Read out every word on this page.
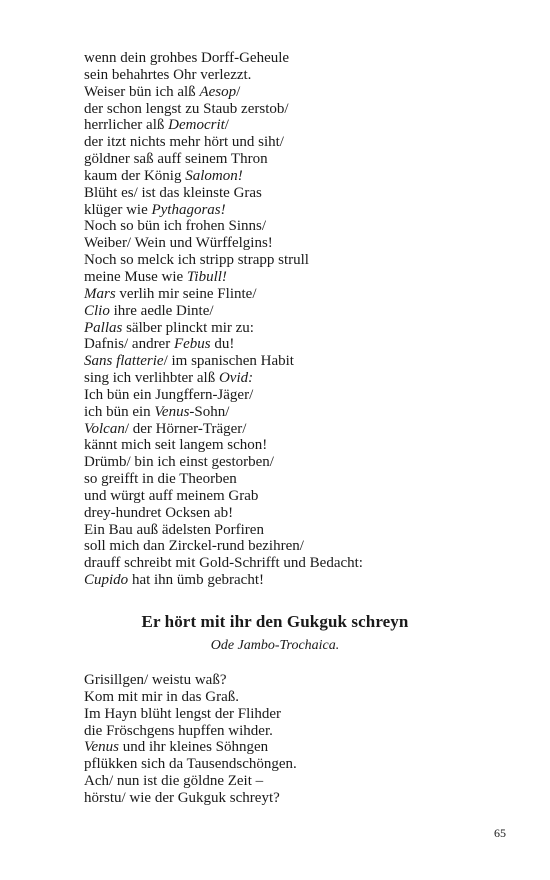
wenn dein grohbes Dorff-Geheule
sein behahrtes Ohr verlezzt.
Weiser bün ich alß Aesop/
der schon lengst zu Staub zerstob/
herrlicher alß Democrit/
der itzt nichts mehr hört und siht/
göldner saß auff seinem Thron
kaum der König Salomon!
Blüht es/ ist das kleinste Gras
klüger wie Pythagoras!
Noch so bün ich frohen Sinns/
Weiber/ Wein und Würffelgins!
Noch so melck ich stripp strapp strull
meine Muse wie Tibull!
Mars verlih mir seine Flinte/
Clio ihre aedle Dinte/
Pallas sälber plinckt mir zu:
Dafnis/ andrer Febus du!
Sans flatterie/ im spanischen Habit
sing ich verlihbter alß Ovid:
Ich bün ein Jungffern-Jäger/
ich bün ein Venus-Sohn/
Volcan/ der Hörner-Träger/
kännt mich seit langem schon!
Drümb/ bin ich einst gestorben/
so greifft in die Theorben
und würgt auff meinem Grab
drey-hundret Ocksen ab!
Ein Bau auß ädelsten Porfiren
soll mich dan Zirckel-rund bezihren/
drauff schreibt mit Gold-Schrifft und Bedacht:
Cupido hat ihn ümb gebracht!
Er hört mit ihr den Gukguk schreyn
Ode Jambo-Trochaica.
Grisillgen/ weistu waß?
Kom mit mir in das Graß.
Im Hayn blüht lengst der Flihder
die Fröschgens hupffen wihder.
Venus und ihr kleines Söhngen
pflükken sich da Tausendschöngen.
Ach/ nun ist die göldne Zeit –
hörstu/ wie der Gukguk schreyt?
65
